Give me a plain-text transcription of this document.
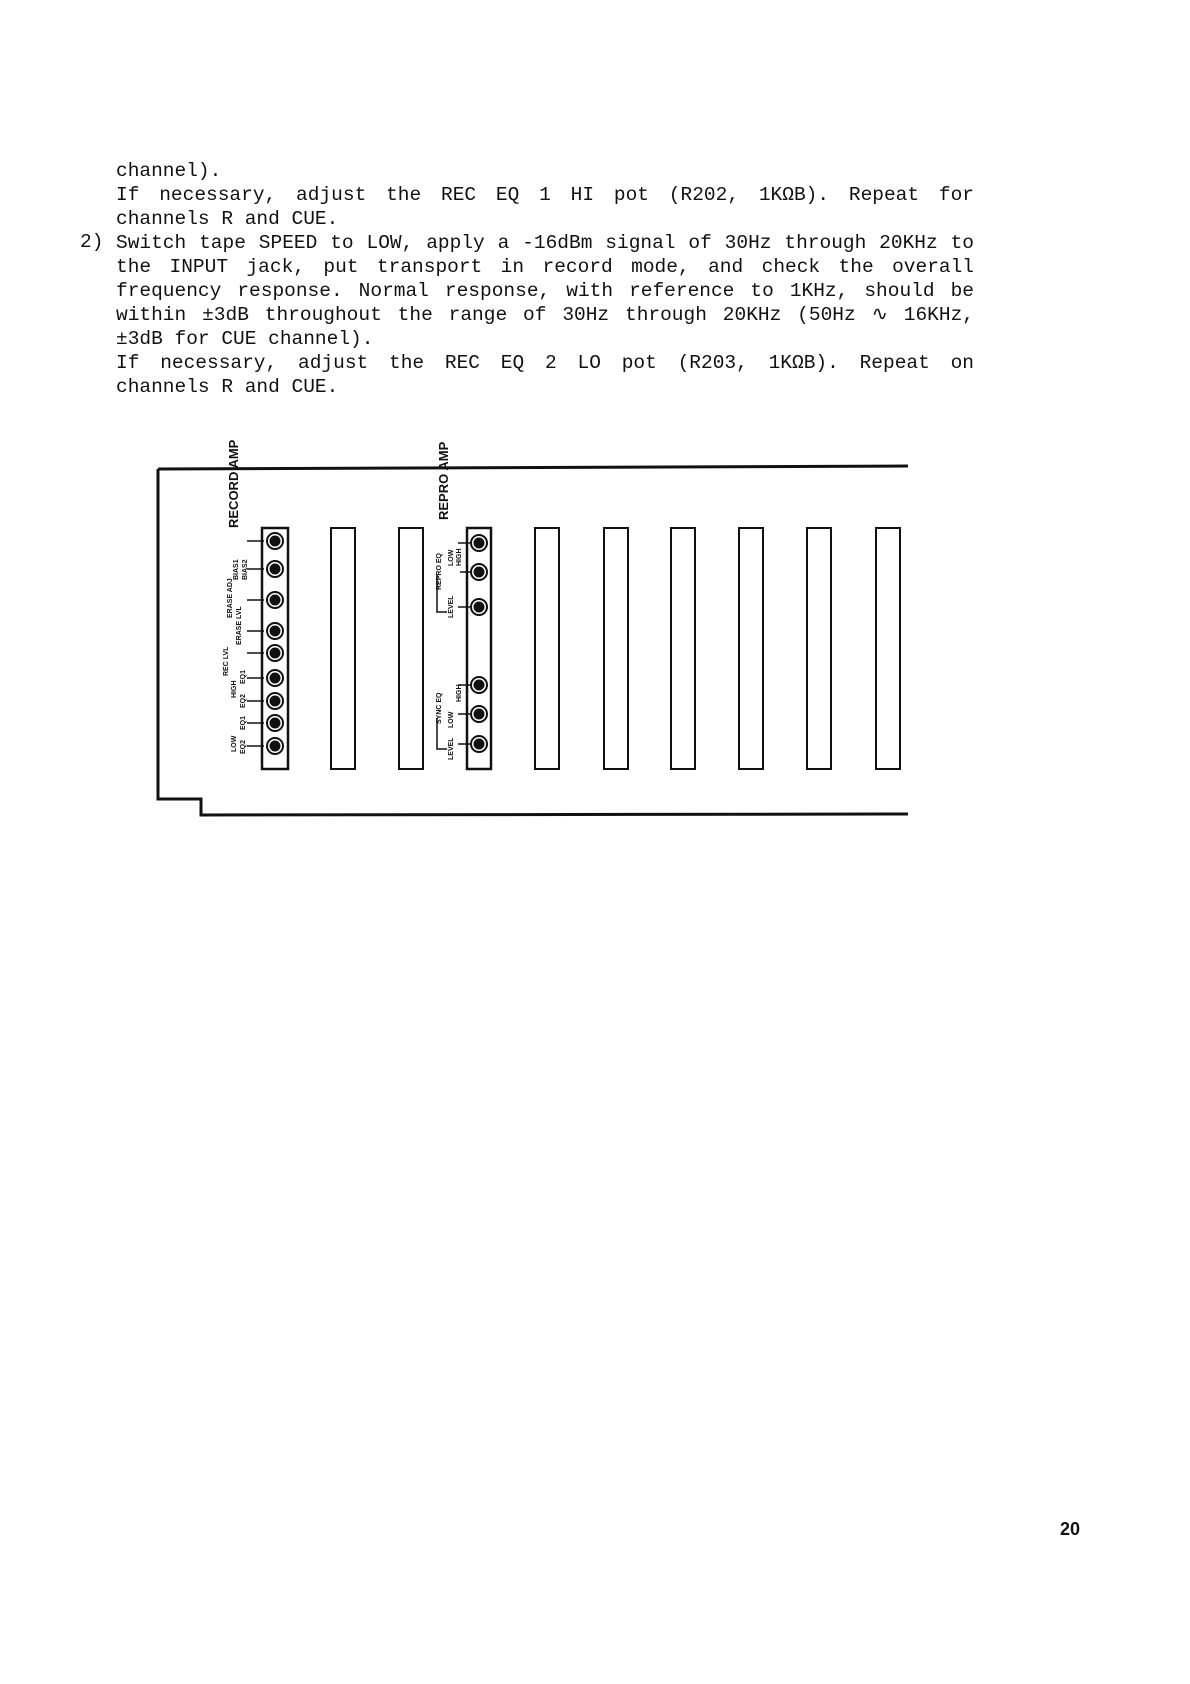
channel).
If necessary, adjust the REC EQ 1 HI pot (R202, 1KΩB). Repeat for
channels R and CUE.
2) Switch tape SPEED to LOW, apply a -16dBm signal of 30Hz through 20KHz to
the INPUT jack, put transport in record mode, and check the overall
frequency response. Normal response, with reference to 1KHz, should be
within ±3dB throughout the range of 30Hz through 20KHz (50Hz ∿ 16KHz,
±3dB for CUE channel).
If necessary, adjust the REC EQ 2 LO pot (R203, 1KΩB). Repeat on
channels R and CUE.
RECORD AMP
BIAS2
BIAS1
ERASE ADJ
ERASE LVL
REC LVL
HIGH
LOW
EQ1
EQ2
EQ1
EQ2
REPRO AMP
REPRO EQ HIGH
LOW
LEVEL
SYNC EQ HIGH
LOW
LEVEL
20
